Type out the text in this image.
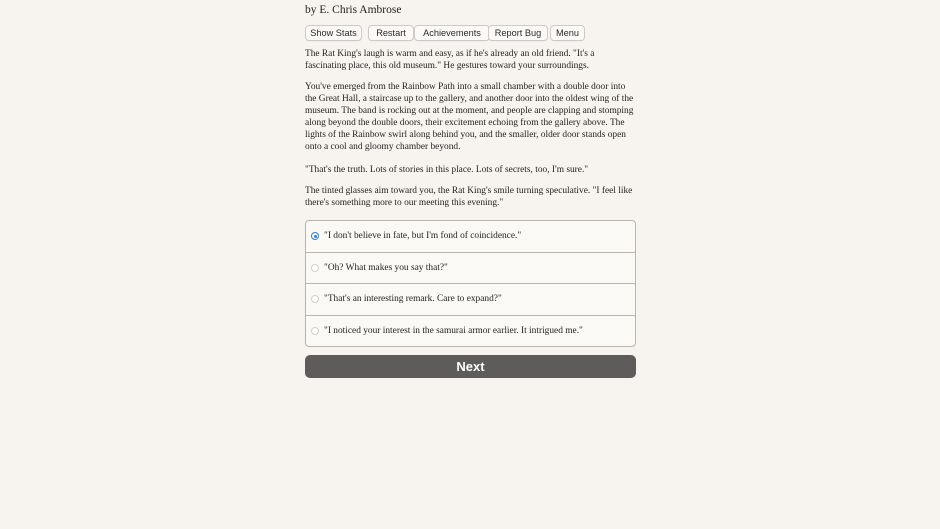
by E. Chris Ambrose
Show Stats	Restart	Achievements	Report Bug	Menu

The Rat King's laugh is warm and easy, as if he's already an old friend. "It's a fascinating place, this old museum." He gestures toward your surroundings.

You've emerged from the Rainbow Path into a small chamber with a double door into the Great Hall, a staircase up to the gallery, and another door into the oldest wing of the museum. The band is rocking out at the moment, and people are clapping and stomping along beyond the double doors, their excitement echoing from the gallery above. The lights of the Rainbow swirl along behind you, and the smaller, older door stands open onto a cool and gloomy chamber beyond.

"That's the truth. Lots of stories in this place. Lots of secrets, too, I'm sure."

The tinted glasses aim toward you, the Rat King's smile turning speculative. "I feel like there's something more to our meeting this evening."

"I don't believe in fate, but I'm fond of coincidence."
"Oh? What makes you say that?"
"That's an interesting remark. Care to expand?"
"I noticed your interest in the samurai armor earlier. It intrigued me."
Next
